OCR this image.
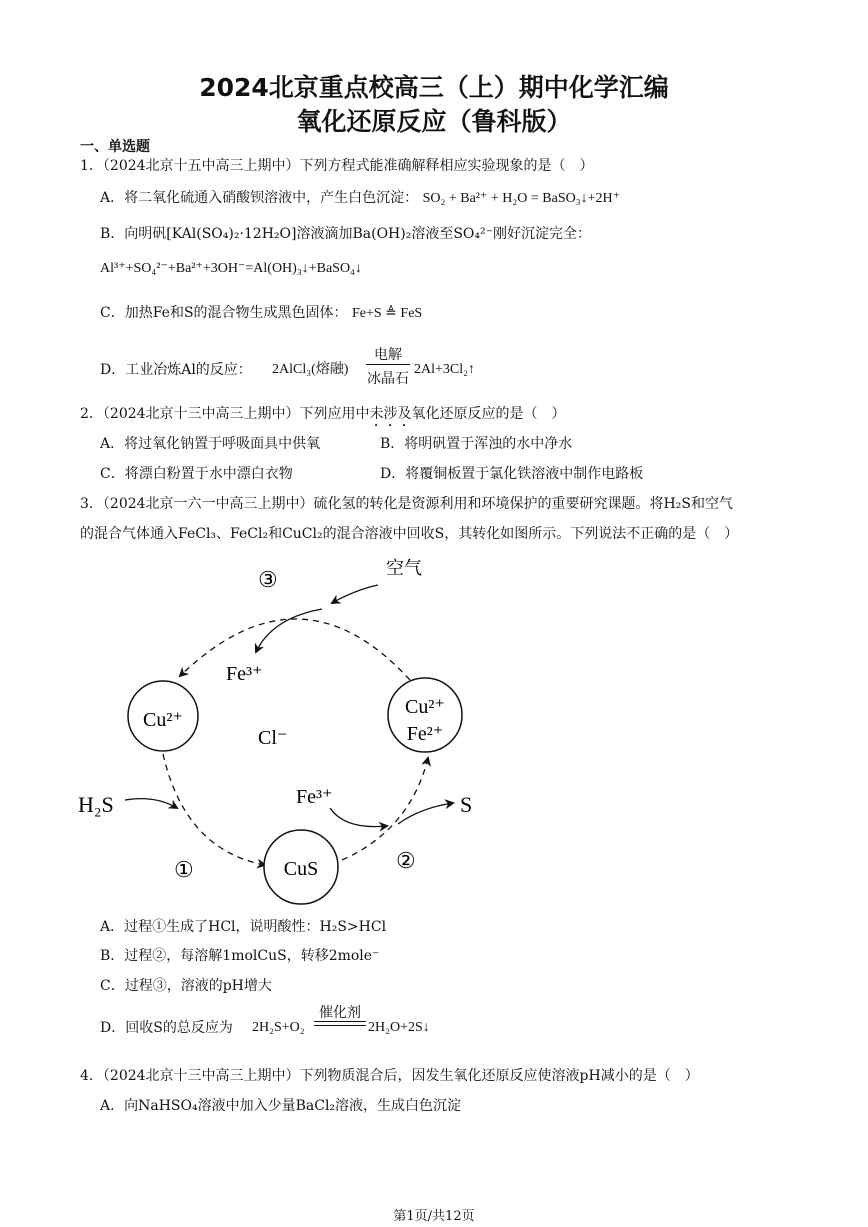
2024北京重点校高三（上）期中化学汇编
氧化还原反应（鲁科版）
一、单选题
1．（2024北京十五中高三上期中）下列方程式能准确解释相应实验现象的是（　）
A．将二氧化硫通入硝酸钡溶液中，产生白色沉淀： SO₂ + Ba²⁺ + H₂O = BaSO₃↓+2H⁺
B．向明矾[KAl(SO₄)₂·12H₂O]溶液滴加Ba(OH)₂溶液至SO₄²⁻刚好沉淀完全：
Al³⁺+SO₄²⁻+Ba²⁺+3OH⁻=Al(OH)₃↓+BaSO₄↓
C．加热Fe和S的混合物生成黑色固体： Fe+S ≜ FeS
D．工业冶炼Al的反应： 2AlCl₃(熔融)
电解
冰晶石
2Al+3Cl₂↑
2．（2024北京十三中高三上期中）下列应用中未涉及氧化还原反应的是（　）
A．将过氧化钠置于呼吸面具中供氧	B．将明矾置于浑浊的水中净水
C．将漂白粉置于水中漂白衣物	D．将覆铜板置于氯化铁溶液中制作电路板
3．（2024北京一六一中高三上期中）硫化氢的转化是资源利用和环境保护的重要研究课题。将H₂S和空气
的混合气体通入FeCl₃、FeCl₂和CuCl₂的混合溶液中回收S，其转化如图所示。下列说法不正确的是（　）
③	空气
Fe³⁺
Cu²⁺
Cl⁻
Cu²⁺
Fe²⁺
H₂S	Fe³⁺	S
①	CuS	②
A．过程①生成了HCl，说明酸性：H₂S>HCl
B．过程②，每溶解1molCuS，转移2mole⁻
C．过程③，溶液的pH增大
D．回收S的总反应为 2H₂S+O₂
催化剂
2H₂O+2S↓
4．（2024北京十三中高三上期中）下列物质混合后，因发生氧化还原反应使溶液pH减小的是（　）
A．向NaHSO₄溶液中加入少量BaCl₂溶液，生成白色沉淀
第1页/共12页
